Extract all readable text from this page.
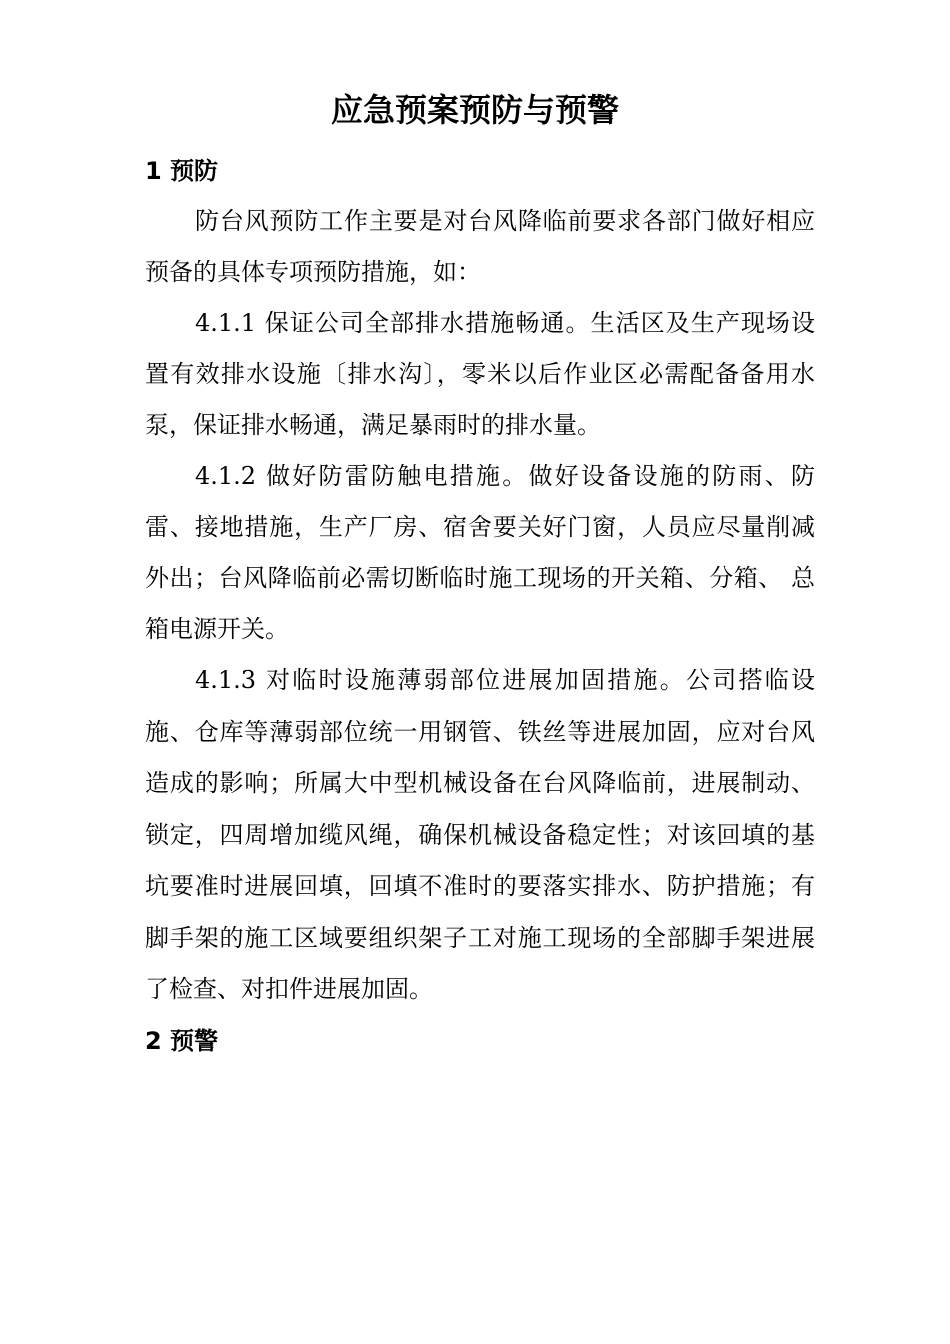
应急预案预防与预警
1 预防
防台风预防工作主要是对台风降临前要求各部门做好相应预备的具体专项预防措施，如：
4.1.1 保证公司全部排水措施畅通。生活区及生产现场设置有效排水设施〔排水沟〕，零米以后作业区必需配备备用水泵，保证排水畅通，满足暴雨时的排水量。
4.1.2 做好防雷防触电措施。做好设备设施的防雨、防雷、接地措施，生产厂房、宿舍要关好门窗，人员应尽量削减外出；台风降临前必需切断临时施工现场的开关箱、分箱、 总箱电源开关。
4.1.3 对临时设施薄弱部位进展加固措施。公司搭临设施、仓库等薄弱部位统一用钢管、铁丝等进展加固，应对台风造成的影响；所属大中型机械设备在台风降临前，进展制动、锁定，四周增加缆风绳，确保机械设备稳定性；对该回填的基坑要准时进展回填，回填不准时的要落实排水、防护措施；有脚手架的施工区域要组织架子工对施工现场的全部脚手架进展了检查、对扣件进展加固。
2 预警
